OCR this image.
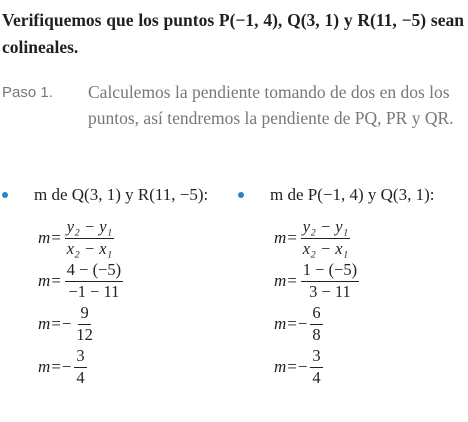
Verifiquemos que los puntos P(−1, 4), Q(3, 1) y R(11, −5) sean colineales.
Paso 1.	Calculemos la pendiente tomando de dos en dos los puntos, así tendremos la pendiente de PQ, PR y QR.
m de Q(3, 1) y R(11, −5):
$m = \frac{\text{y₂ − y₁}}{\text{x₂ − x₁}}$
$m = \frac{4 - (-5)}{-1 - 11}$
m = − $\frac{9}{12}$
m = − $\frac{3}{4}$
m de P(−1, 4) y Q(3, 1):
$m = \frac{\text{y₂ − y₁}}{\text{x₂ − x₁}}$
$m = \frac{1 - (-5)}{3 - 11}$
m = − $\frac{6}{8}$
m = − $\frac{3}{4}$
